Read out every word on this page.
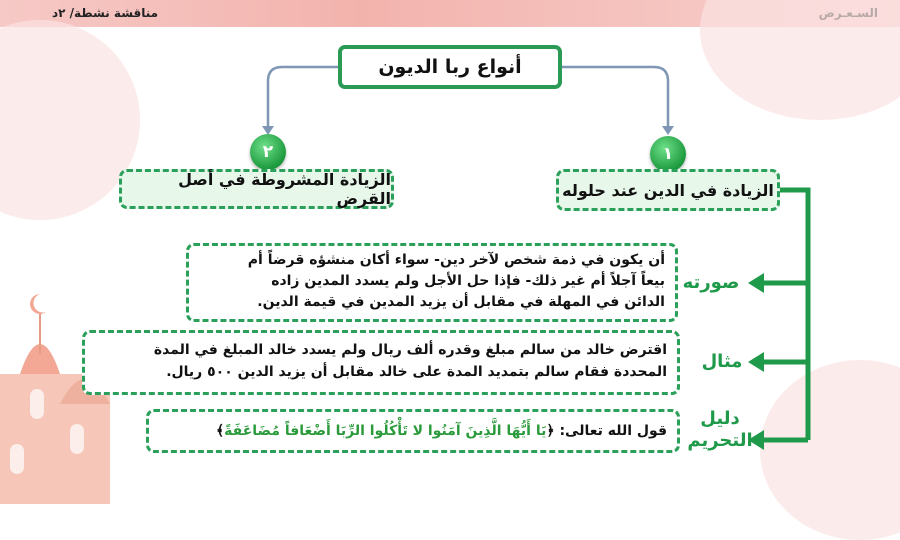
مناقشة نشطة/ ٢د
أنواع ربا الديون
١
٢
الزيادة في الدين عند حلوله
الزيادة المشروطة في أصل القرض
أن يكون في ذمة شخص لآخر دين- سواء أكان منشؤه قرضاً أم
بيعاً آجلاً أم غير ذلك- فإذا حل الأجل ولم يسدد المدين زاده
الدائن في المهلة في مقابل أن يزيد المدين في قيمة الدين.
صورته
اقترض خالد من سالم مبلغ وقدره ألف ريال ولم يسدد خالد المبلغ في المدة
المحددة فقام سالم بتمديد المدة على خالد مقابل أن يزيد الدين ٥٠٠ ريال.	مثال
قول الله تعالى: ﴿
يَا أَيُّهَا الَّذِينَ آمَنُوا لا تَأْكُلُوا الرِّبَا أَضْعَافاً مُضَاعَفَةً
﴾
دليل
التحريم
